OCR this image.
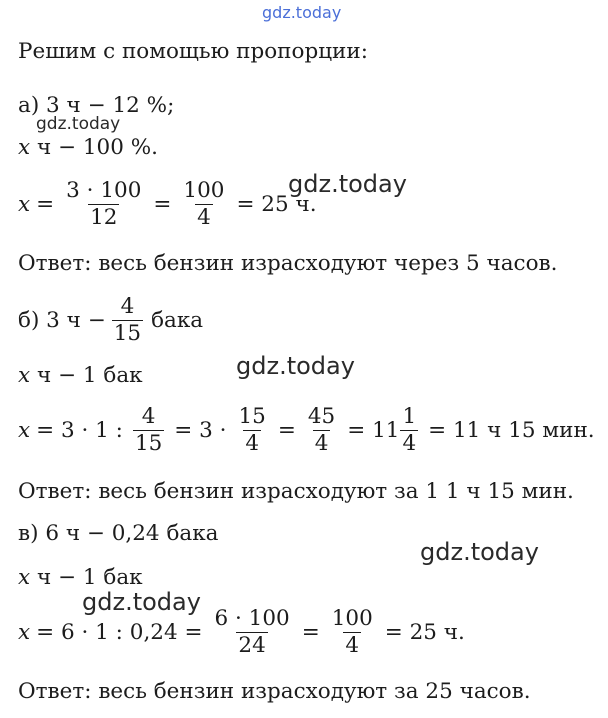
gdz.today
gdz.today
gdz.today
gdz.today
gdz.today
gdz.today
Решим с помощью пропорции:
а) 3 ч − 12 %;
x ч − 100 %.
$x = \frac{3 \cdot 100}{12} = \frac{100}{4} = 25$ ч.
Ответ: весь бензин израсходуют через 5 часов.
б) 3 $ч - \frac{4}{15}$ бака
x ч − 1 бак
x = 3 · 1 : $\frac{4}{15} = 3 \cdot \frac{15}{4} = \frac{45}{4} = 11 \frac{1}{4} = 11$ ч 15 мин.
Ответ: весь бензин израсходуют за 1 1 ч 15 мин.
в) 6 ч − 0,24 бака
x ч − 1 бак
x = 6 · 1 : $0,24 = \frac{6 \cdot 100}{24} = \frac{100}{4} = 25$ ч.
Ответ: весь бензин израсходуют за 25 часов.
